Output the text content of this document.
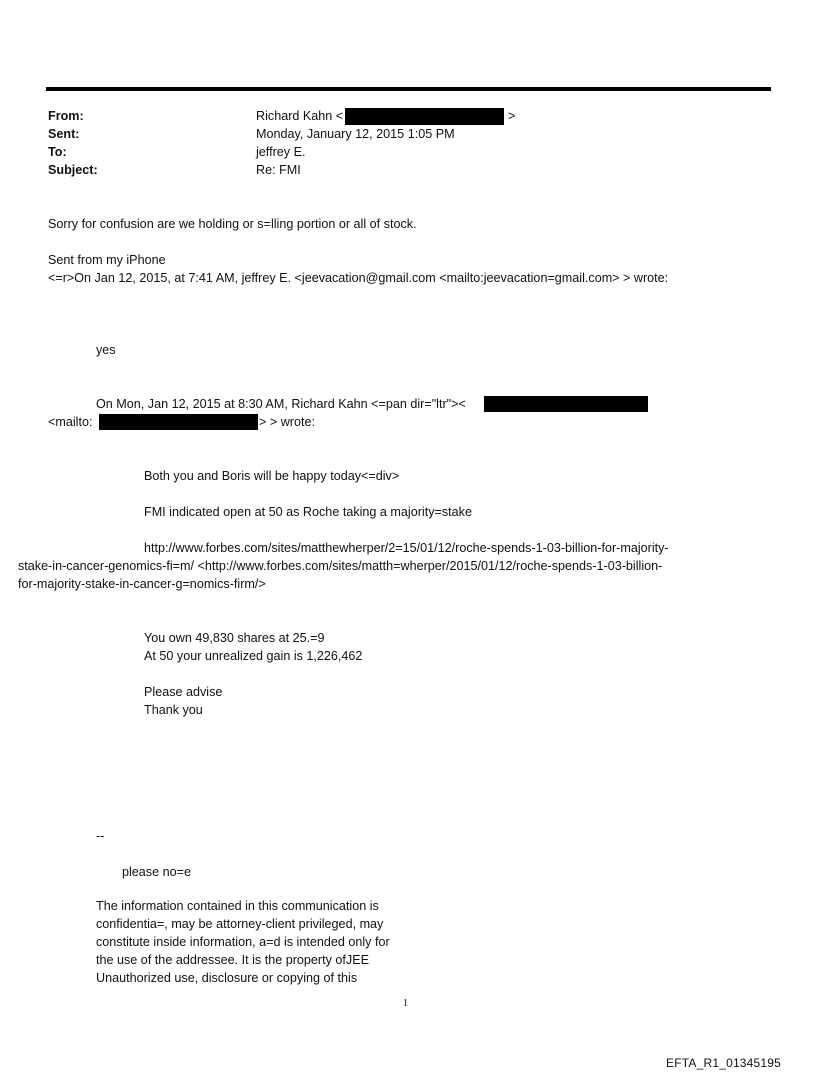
From:	Richard Kahn <	>
Sent:	Monday, January 12, 2015 1:05 PM
To:	jeffrey E.
Subject:	Re: FMI
Sorry for confusion are we holding or s=lling portion or all of stock.
Sent from my iPhone
<=r>On Jan 12, 2015, at 7:41 AM, jeffrey E. <jeevacation@gmail.com <mailto:jeevacation=gmail.com> > wrote:
yes
On Mon, Jan 12, 2015 at 8:30 AM, Richard Kahn <=pan dir="ltr"><
<mailto:	> > wrote:
Both you and Boris will be happy today<=div>
FMI indicated open at 50 as Roche taking a majority=stake
http://www.forbes.com/sites/matthewherper/2=15/01/12/roche-spends-1-03-billion-for-majority-
stake-in-cancer-genomics-fi=m/ <http://www.forbes.com/sites/matth=wherper/2015/01/12/roche-spends-1-03-billion-
for-majority-stake-in-cancer-g=nomics-firm/>
You own 49,830 shares at 25.=9
At 50 your unrealized gain is 1,226,462
Please advise
Thank you
--
please no=e
The information contained in this communication is
confidentia=, may be attorney-client privileged, may
constitute inside information, a=d is intended only for
the use of the addressee. It is the property ofJEE
Unauthorized use, disclosure or copying of this
1
EFTA_R1_01345195
